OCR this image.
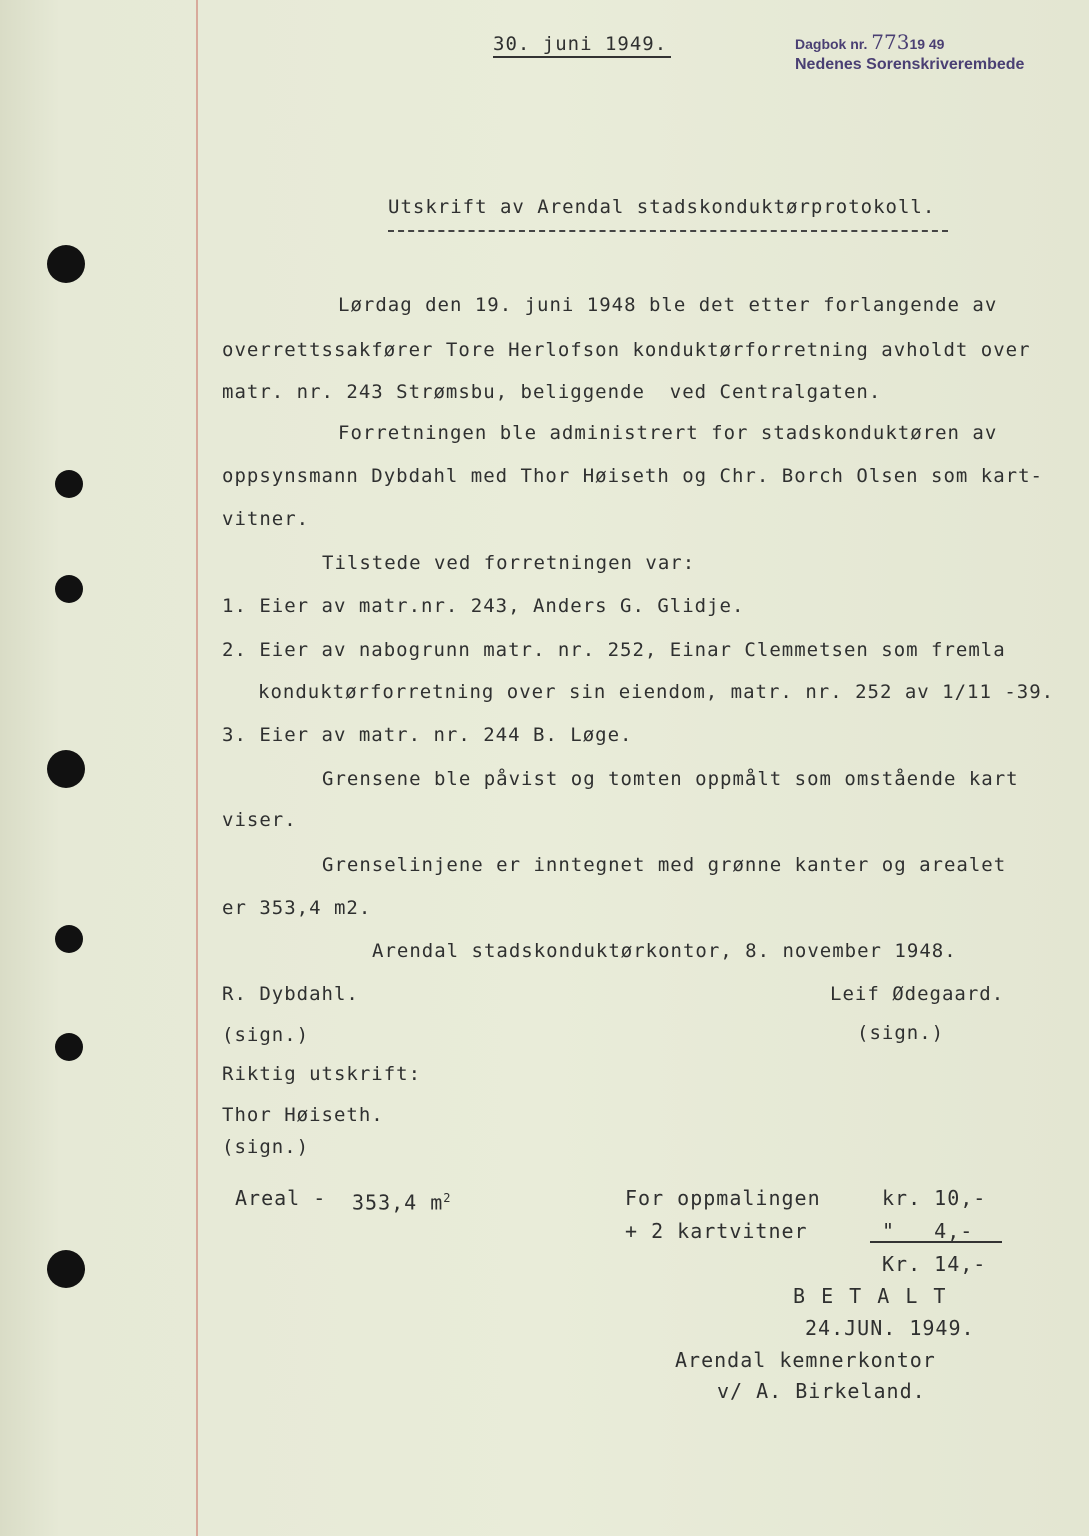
30. juni 1949.	Dagbok nr. 77319 49
Nedenes Sorenskriverembede
Utskrift av Arendal stadskonduktørprotokoll.
Lørdag den 19. juni 1948 ble det etter forlangende av
overrettssakfører Tore Herlofson konduktørforretning avholdt over
matr. nr. 243 Strømsbu, beliggende  ved Centralgaten.
Forretningen ble administrert for stadskonduktøren av
oppsynsmann Dybdahl med Thor Høiseth og Chr. Borch Olsen som kart-
vitner.
Tilstede ved forretningen var:
1. Eier av matr.nr. 243, Anders G. Glidje.
2. Eier av nabogrunn matr. nr. 252, Einar Clemmetsen som fremla
konduktørforretning over sin eiendom, matr. nr. 252 av 1/11 -39.
3. Eier av matr. nr. 244 B. Løge.
Grensene ble påvist og tomten oppmålt som omstående kart
viser.
Grenselinjene er inntegnet med grønne kanter og arealet
er 353,4 m2.
Arendal stadskonduktørkontor, 8. november 1948.
R. Dybdahl.	Leif Ødegaard.
(sign.)	(sign.)
Riktig utskrift:
Thor Høiseth.
(sign.)
Areal - 353,4 $m^2$	For oppmalingen	kr. 10,-
+ 2 kartvitner	"   4,-
Kr. 14,-
B E T A L T
24.JUN. 1949.
Arendal kemnerkontor
v/ A. Birkeland.
